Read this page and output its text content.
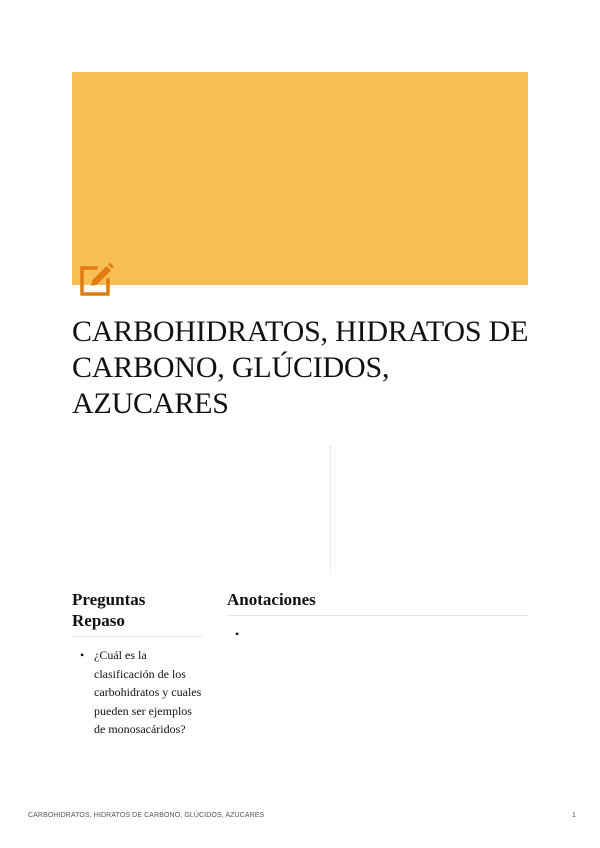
CARBOHIDRATOS, HIDRATOS DE CARBONO, GLÚCIDOS, AZUCARES
Preguntas Repaso
• ¿Cuál es la clasificación de los carbohidratos y cuales pueden ser ejemplos de monosacáridos?
Anotaciones
•
CARBOHIDRATOS, HIDRATOS DE CARBONO, GLÚCIDOS, AZUCARES	1
